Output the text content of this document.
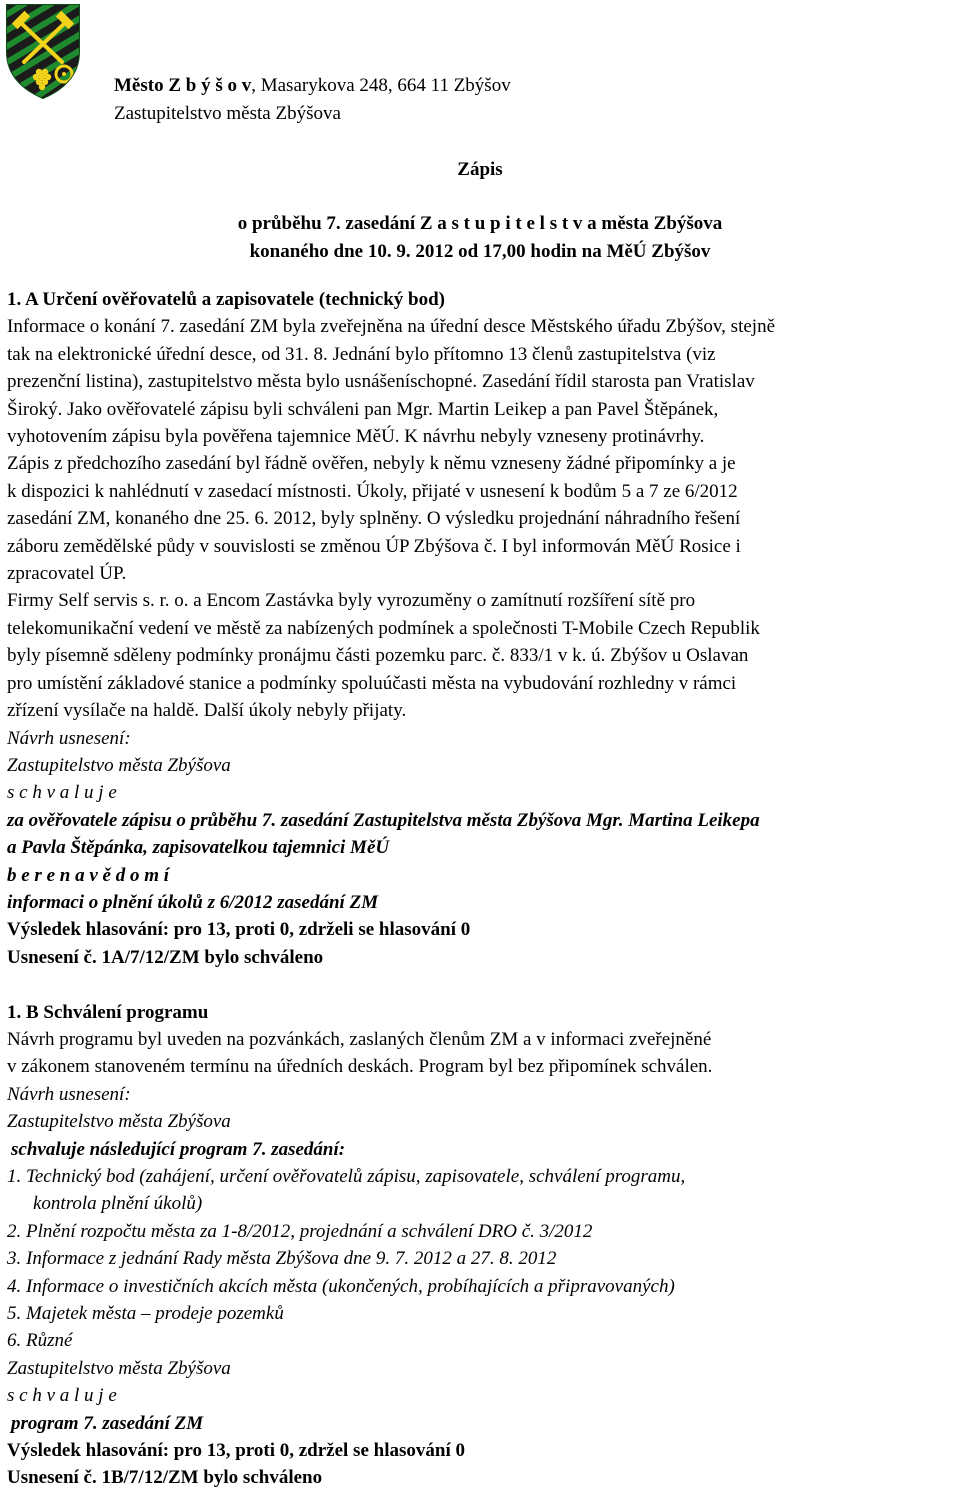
Město Z b ý š o v, Masarykova 248, 664 11 Zbýšov
Zastupitelstvo města Zbýšova
Zápis
o průběhu 7. zasedání Z a s t u p i t e l s t v a města Zbýšova
konaného dne 10. 9. 2012 od 17,00 hodin na MěÚ Zbýšov

1. A Určení ověřovatelů a zapisovatele (technický bod)

Informace o konání 7. zasedání ZM byla zveřejněna na úřední desce Městského úřadu Zbýšov, stejně

tak na elektronické úřední desce, od 31. 8. Jednání bylo přítomno 13 členů zastupitelstva (viz

prezenční listina), zastupitelstvo města bylo usnášeníschopné. Zasedání řídil starosta pan Vratislav

Široký. Jako ověřovatelé zápisu byli schváleni pan Mgr. Martin Leikep a pan Pavel Štěpánek,

vyhotovením zápisu byla pověřena tajemnice MěÚ. K návrhu nebyly vzneseny protinávrhy.

Zápis z předchozího zasedání byl řádně ověřen, nebyly k němu vzneseny žádné připomínky a je

k dispozici k nahlédnutí v zasedací místnosti. Úkoly, přijaté v usnesení k bodům 5 a 7 ze 6/2012

zasedání ZM, konaného dne 25. 6. 2012, byly splněny. O výsledku projednání náhradního řešení

záboru zemědělské půdy v souvislosti se změnou ÚP Zbýšova č. I byl informován MěÚ Rosice i

zpracovatel ÚP.

Firmy Self servis s. r. o. a Encom Zastávka byly vyrozuměny o zamítnutí rozšíření sítě pro

telekomunikační vedení ve městě za nabízených podmínek a společnosti T-Mobile Czech Republik

byly písemně sděleny podmínky pronájmu části pozemku parc. č. 833/1 v k. ú. Zbýšov u Oslavan

pro umístění základové stanice a podmínky spoluúčasti města na vybudování rozhledny v rámci

zřízení vysílače na haldě. Další úkoly nebyly přijaty.

Návrh usnesení:

Zastupitelstvo města Zbýšova

s c h v a l u j e

za ověřovatele zápisu o průběhu 7. zasedání Zastupitelstva města Zbýšova Mgr. Martina Leikepa

a Pavla Štěpánka, zapisovatelkou tajemnici MěÚ

b e r e n a v ě d o m í

informaci o plnění úkolů z 6/2012 zasedání ZM

Výsledek hlasování: pro 13, proti 0, zdrželi se hlasování 0

Usnesení č. 1A/7/12/ZM bylo schváleno

1. B Schválení programu

Návrh programu byl uveden na pozvánkách, zaslaných členům ZM a v informaci zveřejněné

v zákonem stanoveném termínu na úředních deskách. Program byl bez připomínek schválen.

Návrh usnesení:

Zastupitelstvo města Zbýšova

schvaluje následující program 7. zasedání:

1. Technický bod (zahájení, určení ověřovatelů zápisu, zapisovatele, schválení programu,

kontrola plnění úkolů)

2. Plnění rozpočtu města za 1-8/2012, projednání a schválení DRO č. 3/2012

3. Informace z jednání Rady města Zbýšova dne 9. 7. 2012 a 27. 8. 2012

4. Informace o investičních akcích města (ukončených, probíhajících a připravovaných)

5. Majetek města – prodeje pozemků

6. Různé

Zastupitelstvo města Zbýšova

s c h v a l u j e

program 7. zasedání ZM

Výsledek hlasování: pro 13, proti 0, zdržel se hlasování 0

Usnesení č. 1B/7/12/ZM bylo schváleno
